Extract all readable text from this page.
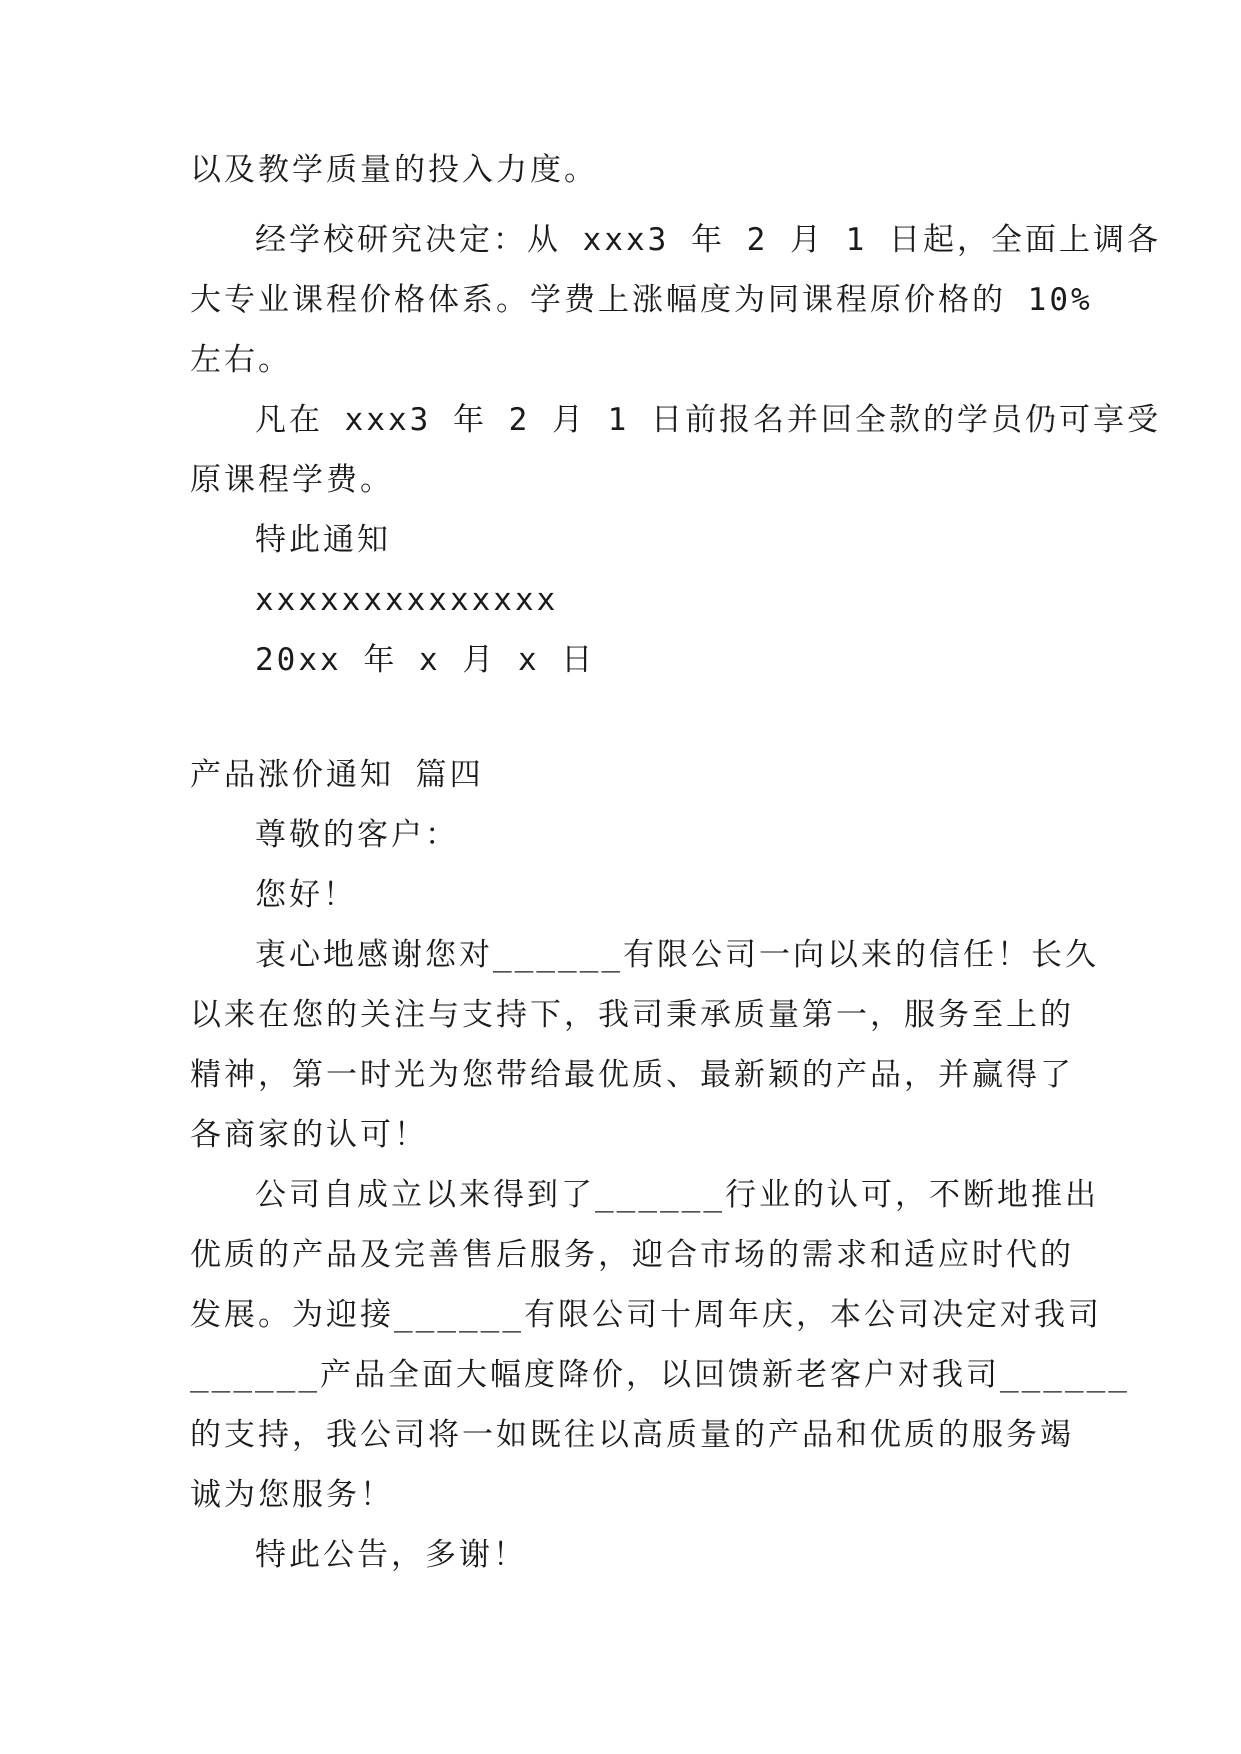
以及教学质量的投入力度。
经学校研究决定：从 xxx3 年 2 月 1 日起，全面上调各
大专业课程价格体系。学费上涨幅度为同课程原价格的 10%
左右。
凡在 xxx3 年 2 月 1 日前报名并回全款的学员仍可享受
原课程学费。
特此通知
xxxxxxxxxxxxxx
20xx 年 x 月 x 日
产品涨价通知 篇四
尊敬的客户：
您好！
衷心地感谢您对______有限公司一向以来的信任！长久
以来在您的关注与支持下，我司秉承质量第一，服务至上的
精神，第一时光为您带给最优质、最新颖的产品，并赢得了
各商家的认可！
公司自成立以来得到了______行业的认可，不断地推出
优质的产品及完善售后服务，迎合市场的需求和适应时代的
发展。为迎接______有限公司十周年庆，本公司决定对我司
______产品全面大幅度降价，以回馈新老客户对我司______
的支持，我公司将一如既往以高质量的产品和优质的服务竭
诚为您服务！
特此公告，多谢！
